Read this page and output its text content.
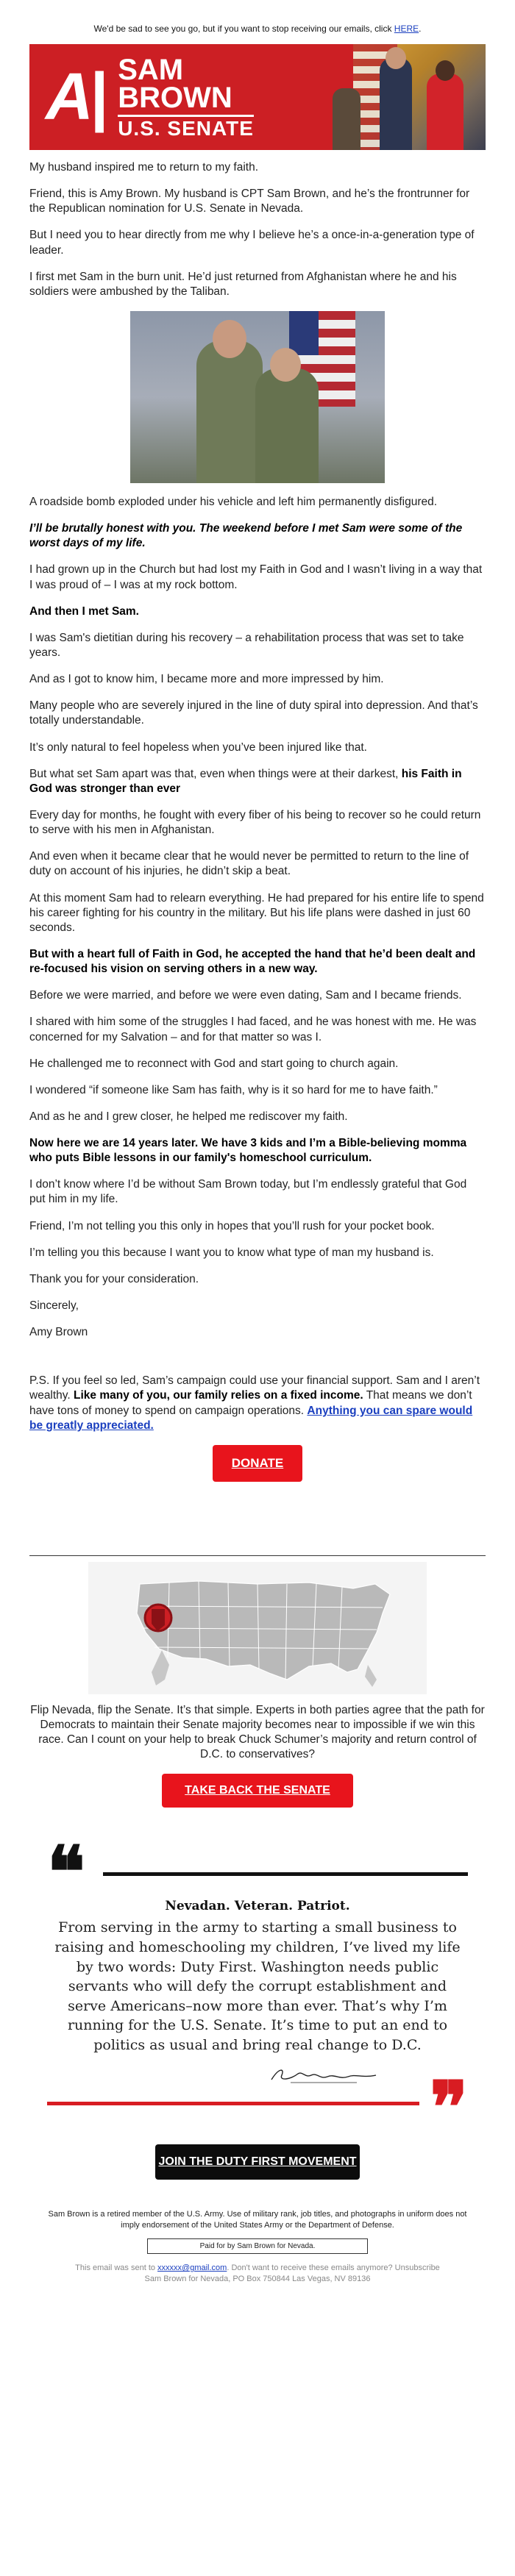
We'd be sad to see you go, but if you want to stop receiving our emails, click HERE.
A| SAM
BROWN
U.S. SENATE

My husband inspired me to return to my faith.

Friend, this is Amy Brown. My husband is CPT Sam Brown, and he’s the frontrunner for the Republican nomination for U.S. Senate in Nevada.

But I need you to hear directly from me why I believe he’s a once-in-a-generation type of leader.

I first met Sam in the burn unit. He’d just returned from Afghanistan where he and his soldiers were ambushed by the Taliban.

A roadside bomb exploded under his vehicle and left him permanently disfigured.

I’ll be brutally honest with you. The weekend before I met Sam were some of the worst days of my life.

I had grown up in the Church but had lost my Faith in God and I wasn’t living in a way that I was proud of – I was at my rock bottom.

And then I met Sam.

I was Sam's dietitian during his recovery – a rehabilitation process that was set to take years.

And as I got to know him, I became more and more impressed by him.

Many people who are severely injured in the line of duty spiral into depression. And that’s totally understandable.

It’s only natural to feel hopeless when you’ve been injured like that.

But what set Sam apart was that, even when things were at their darkest, his Faith in God was stronger than ever

Every day for months, he fought with every fiber of his being to recover so he could return to serve with his men in Afghanistan.

And even when it became clear that he would never be permitted to return to the line of duty on account of his injuries, he didn’t skip a beat.

At this moment Sam had to relearn everything. He had prepared for his entire life to spend his career fighting for his country in the military. But his life plans were dashed in just 60 seconds.

But with a heart full of Faith in God, he accepted the hand that he’d been dealt and re-focused his vision on serving others in a new way.

Before we were married, and before we were even dating, Sam and I became friends.

I shared with him some of the struggles I had faced, and he was honest with me. He was concerned for my Salvation – and for that matter so was I.

He challenged me to reconnect with God and start going to church again.

I wondered “if someone like Sam has faith, why is it so hard for me to have faith.”

And as he and I grew closer, he helped me rediscover my faith.

Now here we are 14 years later. We have 3 kids and I’m a Bible-believing momma who puts Bible lessons in our family's homeschool curriculum.

I don’t know where I’d be without Sam Brown today, but I’m endlessly grateful that God put him in my life.

Friend, I’m not telling you this only in hopes that you’ll rush for your pocket book.

I’m telling you this because I want you to know what type of man my husband is.

Thank you for your consideration.

Sincerely,

Amy Brown

P.S. If you feel so led, Sam’s campaign could use your financial support. Sam and I aren’t wealthy. Like many of you, our family relies on a fixed income. That means we don’t have tons of money to spend on campaign operations. Anything you can spare would be greatly appreciated.

DONATE

Flip Nevada, flip the Senate. It’s that simple. Experts in both parties agree that the path for Democrats to maintain their Senate majority becomes near to impossible if we win this race. Can I count on your help to break Chuck Schumer’s majority and return control of D.C. to conservatives?

TAKE BACK THE SENATE
❝	Nevadan. Veteran. Patriot.
From serving in the army to starting a small business to raising and homeschooling my children, I’ve lived my life by two words: Duty First. Washington needs public servants who will defy the corrupt establishment and serve Americans–now more than ever. That’s why I’m running for the U.S. Senate. It’s time to put an end to politics as usual and bring real change to D.C.
❞
JOIN THE DUTY FIRST MOVEMENT
Sam Brown is a retired member of the U.S. Army. Use of military rank, job titles, and photographs in uniform does not imply endorsement of the United States Army or the Department of Defense.
Paid for by Sam Brown for Nevada.
This email was sent to xxxxxx@gmail.com. Don't want to receive these emails anymore? Unsubscribe
Sam Brown for Nevada, PO Box 750844 Las Vegas, NV 89136
